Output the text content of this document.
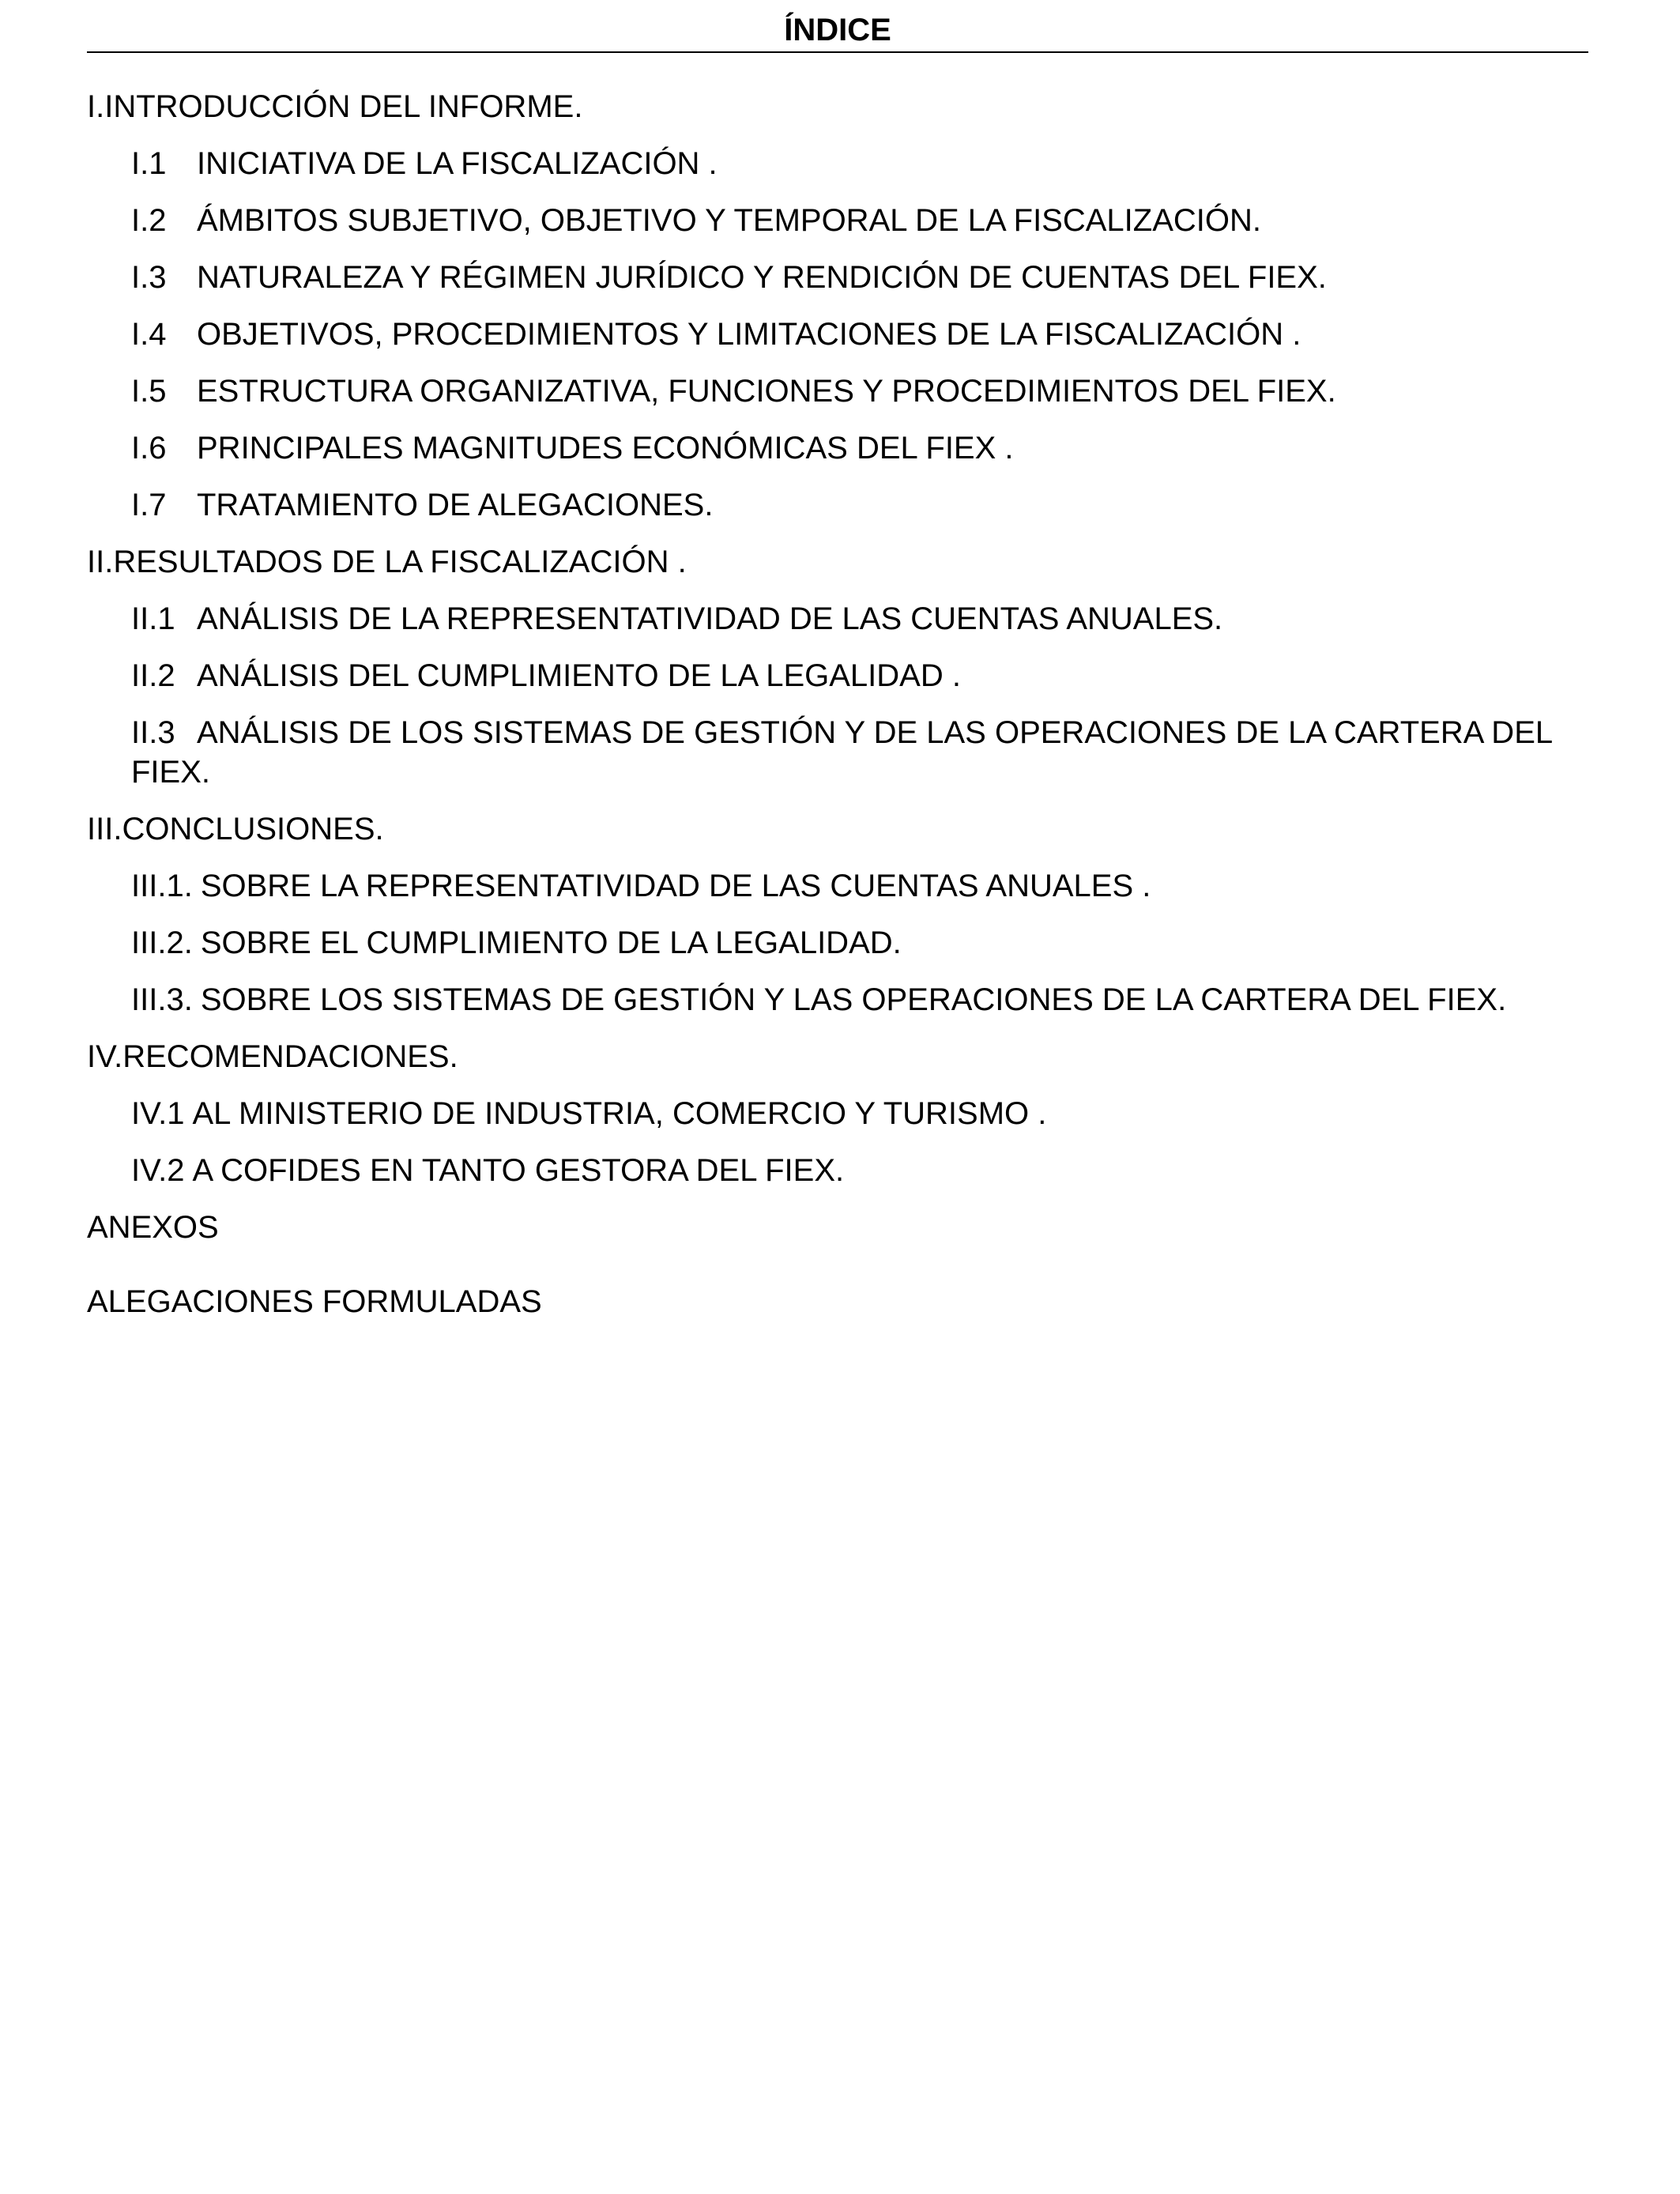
ÍNDICE
I. INTRODUCCIÓN DEL INFORME.
I.1 INICIATIVA DE LA FISCALIZACIÓN .
I.2 ÁMBITOS SUBJETIVO, OBJETIVO Y TEMPORAL DE LA FISCALIZACIÓN.
I.3 NATURALEZA Y RÉGIMEN JURÍDICO Y RENDICIÓN DE CUENTAS DEL FIEX.
I.4 OBJETIVOS, PROCEDIMIENTOS Y LIMITACIONES DE LA FISCALIZACIÓN .
I.5 ESTRUCTURA ORGANIZATIVA, FUNCIONES Y PROCEDIMIENTOS DEL FIEX.
I.6 PRINCIPALES MAGNITUDES ECONÓMICAS DEL FIEX .
I.7 TRATAMIENTO DE ALEGACIONES.
II. RESULTADOS DE LA FISCALIZACIÓN .
II.1 ANÁLISIS DE LA REPRESENTATIVIDAD DE LAS CUENTAS ANUALES.
II.2 ANÁLISIS DEL CUMPLIMIENTO DE LA LEGALIDAD .
II.3 ANÁLISIS DE LOS SISTEMAS DE GESTIÓN Y DE LAS OPERACIONES DE LA CARTERA DEL FIEX.
III. CONCLUSIONES.
III.1. SOBRE LA REPRESENTATIVIDAD DE LAS CUENTAS ANUALES .
III.2. SOBRE EL CUMPLIMIENTO DE LA LEGALIDAD.
III.3. SOBRE LOS SISTEMAS DE GESTIÓN Y LAS OPERACIONES DE LA CARTERA DEL FIEX.
IV. RECOMENDACIONES.
IV.1 AL MINISTERIO DE INDUSTRIA, COMERCIO Y TURISMO .
IV.2 A COFIDES EN TANTO GESTORA DEL FIEX.
ANEXOS
ALEGACIONES FORMULADAS
